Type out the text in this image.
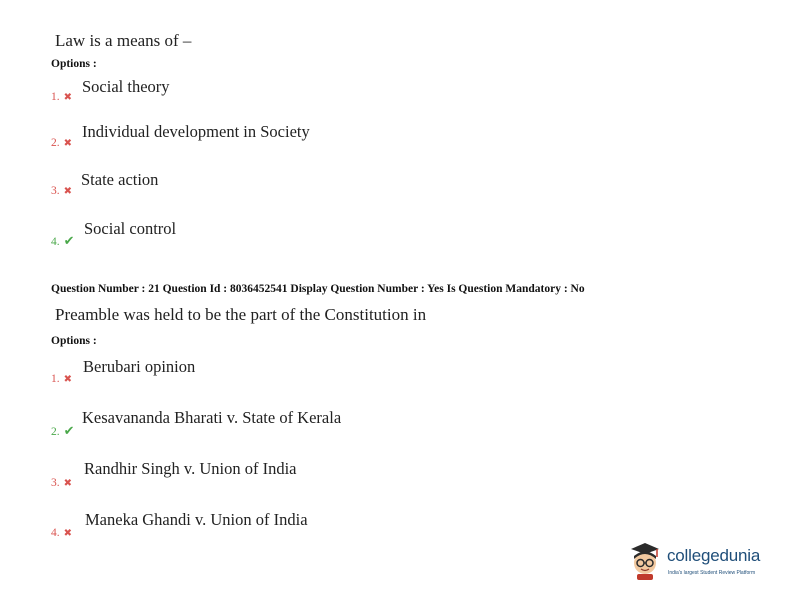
Law is a means of –
Options :
1. ✖
Social theory
2. ✖
Individual development in Society
3. ✖
State action
4. ✔
Social control
Question Number : 21 Question Id : 8036452541 Display Question Number : Yes Is Question Mandatory : No
Preamble was held to be the part of the Constitution in
Options :
1. ✖
Berubari opinion
2. ✔
Kesavananda Bharati v. State of Kerala
3. ✖
Randhir Singh v. Union of India
4. ✖
Maneka Ghandi v. Union of India
collegedunia
India's largest Student Review Platform
